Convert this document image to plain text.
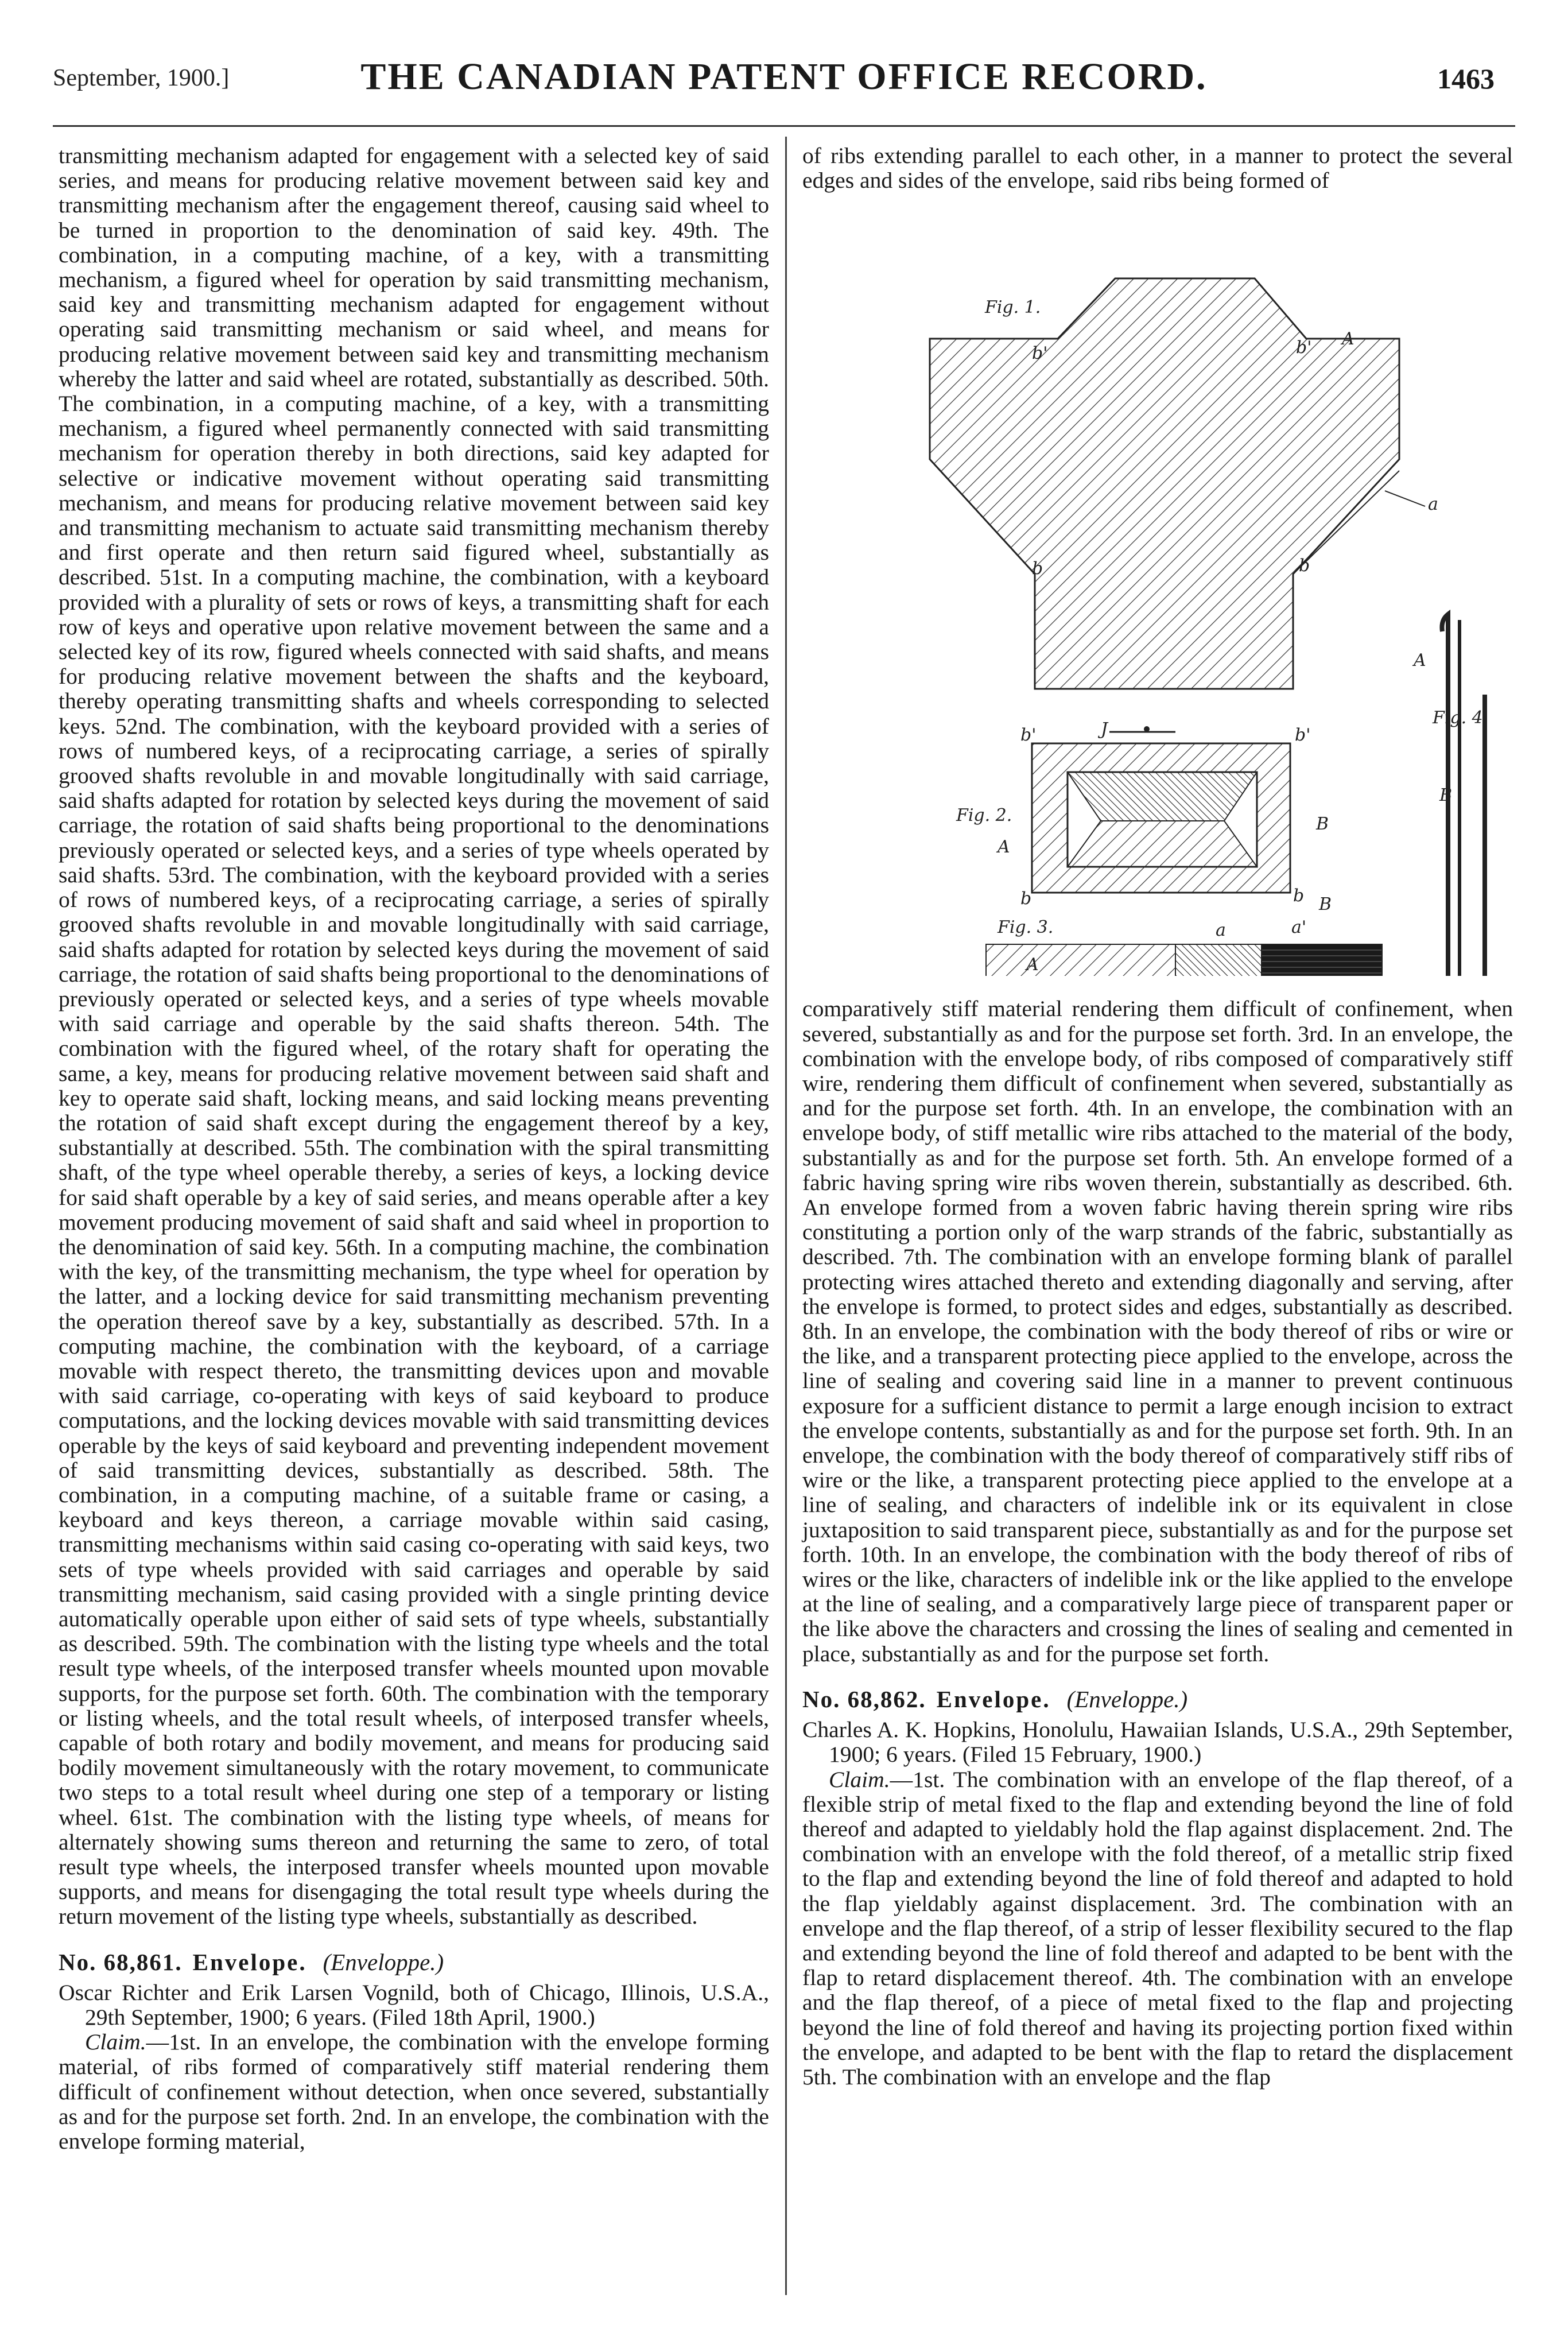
September, 1900.]	THE CANADIAN PATENT OFFICE RECORD.	1463

transmitting mechanism adapted for engagement with a selected key of said series, and means for producing relative movement between said key and transmitting mechanism after the engagement thereof, causing said wheel to be turned in proportion to the denomination of said key. 49th. The combination, in a computing machine, of a key, with a transmitting mechanism, a figured wheel for operation by said transmitting mechanism, said key and transmitting mechanism adapted for engagement without operating said transmitting mechanism or said wheel, and means for producing relative movement between said key and transmitting mechanism whereby the latter and said wheel are rotated, substantially as described. 50th. The combination, in a computing machine, of a key, with a transmitting mechanism, a figured wheel permanently connected with said transmitting mechanism for operation thereby in both directions, said key adapted for selective or indicative movement without operating said transmitting mechanism, and means for producing relative movement between said key and transmitting mechanism to actuate said transmitting mechanism thereby and first operate and then return said figured wheel, substantially as described. 51st. In a computing machine, the combination, with a keyboard provided with a plurality of sets or rows of keys, a transmitting shaft for each row of keys and operative upon relative movement between the same and a selected key of its row, figured wheels connected with said shafts, and means for producing relative movement between the shafts and the keyboard, thereby operating transmitting shafts and wheels corresponding to selected keys. 52nd. The combination, with the keyboard provided with a series of rows of numbered keys, of a reciprocating carriage, a series of spirally grooved shafts revoluble in and movable longitudinally with said carriage, said shafts adapted for rotation by selected keys during the movement of said carriage, the rotation of said shafts being proportional to the denominations previously operated or selected keys, and a series of type wheels operated by said shafts. 53rd. The combination, with the keyboard provided with a series of rows of numbered keys, of a reciprocating carriage, a series of spirally grooved shafts revoluble in and movable longitudinally with said carriage, said shafts adapted for rotation by selected keys during the movement of said carriage, the rotation of said shafts being proportional to the denominations of previously operated or selected keys, and a series of type wheels movable with said carriage and operable by the said shafts thereon. 54th. The combination with the figured wheel, of the rotary shaft for operating the same, a key, means for producing relative movement between said shaft and key to operate said shaft, locking means, and said locking means preventing the rotation of said shaft except during the engagement thereof by a key, substantially at described. 55th. The combination with the spiral transmitting shaft, of the type wheel operable thereby, a series of keys, a locking device for said shaft operable by a key of said series, and means operable after a key movement producing movement of said shaft and said wheel in proportion to the denomination of said key. 56th. In a computing machine, the combination with the key, of the transmitting mechanism, the type wheel for operation by the latter, and a locking device for said transmitting mechanism preventing the operation thereof save by a key, substantially as described. 57th. In a computing machine, the combination with the keyboard, of a carriage movable with respect thereto, the transmitting devices upon and movable with said carriage, co-operating with keys of said keyboard to produce computations, and the locking devices movable with said transmitting devices operable by the keys of said keyboard and preventing independent movement of said transmitting devices, substantially as described. 58th. The combination, in a computing machine, of a suitable frame or casing, a keyboard and keys thereon, a carriage movable within said casing, transmitting mechanisms within said casing co-operating with said keys, two sets of type wheels provided with said carriages and operable by said transmitting mechanism, said casing provided with a single printing device automatically operable upon either of said sets of type wheels, substantially as described. 59th. The combination with the listing type wheels and the total result type wheels, of the interposed transfer wheels mounted upon movable supports, for the purpose set forth. 60th. The combination with the temporary or listing wheels, and the total result wheels, of interposed transfer wheels, capable of both rotary and bodily movement, and means for producing said bodily movement simultaneously with the rotary movement, to communicate two steps to a total result wheel during one step of a temporary or listing wheel. 61st. The combination with the listing type wheels, of means for alternately showing sums thereon and returning the same to zero, of total result type wheels, the interposed transfer wheels mounted upon movable supports, and means for disengaging the total result type wheels during the return movement of the listing type wheels, substantially as described.

No. 68,861. Envelope. (Enveloppe.)

Oscar Richter and Erik Larsen Vognild, both of Chicago, Illinois, U.S.A., 29th September, 1900; 6 years. (Filed 18th April, 1900.)

Claim.—1st. In an envelope, the combination with the envelope forming material, of ribs formed of comparatively stiff material rendering them difficult of confinement without detection, when once severed, substantially as and for the purpose set forth. 2nd. In an envelope, the combination with the envelope forming material,

of ribs extending parallel to each other, in a manner to protect the several edges and sides of the envelope, said ribs being formed of

Fig. 1.
b'	b' A
a
b	b
A
Fig. 4.
B
J
b'	b'
Fig. 2.	B
A
b	b B
Fig. 3.	a	a'
A

comparatively stiff material rendering them difficult of confinement, when severed, substantially as and for the purpose set forth. 3rd. In an envelope, the combination with the envelope body, of ribs composed of comparatively stiff wire, rendering them difficult of confinement when severed, substantially as and for the purpose set forth. 4th. In an envelope, the combination with an envelope body, of stiff metallic wire ribs attached to the material of the body, substantially as and for the purpose set forth. 5th. An envelope formed of a fabric having spring wire ribs woven therein, substantially as described. 6th. An envelope formed from a woven fabric having therein spring wire ribs constituting a portion only of the warp strands of the fabric, substantially as described. 7th. The combination with an envelope forming blank of parallel protecting wires attached thereto and extending diagonally and serving, after the envelope is formed, to protect sides and edges, substantially as described. 8th. In an envelope, the combination with the body thereof of ribs or wire or the like, and a transparent protecting piece applied to the envelope, across the line of sealing and covering said line in a manner to prevent continuous exposure for a sufficient distance to permit a large enough incision to extract the envelope contents, substantially as and for the purpose set forth. 9th. In an envelope, the combination with the body thereof of comparatively stiff ribs of wire or the like, a transparent protecting piece applied to the envelope at a line of sealing, and characters of indelible ink or its equivalent in close juxtaposition to said transparent piece, substantially as and for the purpose set forth. 10th. In an envelope, the combination with the body thereof of ribs of wires or the like, characters of indelible ink or the like applied to the envelope at the line of sealing, and a comparatively large piece of transparent paper or the like above the characters and crossing the lines of sealing and cemented in place, substantially as and for the purpose set forth.

No. 68,862. Envelope. (Enveloppe.)

Charles A. K. Hopkins, Honolulu, Hawaiian Islands, U.S.A., 29th September, 1900; 6 years. (Filed 15 February, 1900.)

Claim.—1st. The combination with an envelope of the flap thereof, of a flexible strip of metal fixed to the flap and extending beyond the line of fold thereof and adapted to yieldably hold the flap against displacement. 2nd. The combination with an envelope with the fold thereof, of a metallic strip fixed to the flap and extending beyond the line of fold thereof and adapted to hold the flap yieldably against displacement. 3rd. The combination with an envelope and the flap thereof, of a strip of lesser flexibility secured to the flap and extending beyond the line of fold thereof and adapted to be bent with the flap to retard displacement thereof. 4th. The combination with an envelope and the flap thereof, of a piece of metal fixed to the flap and projecting beyond the line of fold thereof and having its projecting portion fixed within the envelope, and adapted to be bent with the flap to retard the displacement 5th. The combination with an envelope and the flap
